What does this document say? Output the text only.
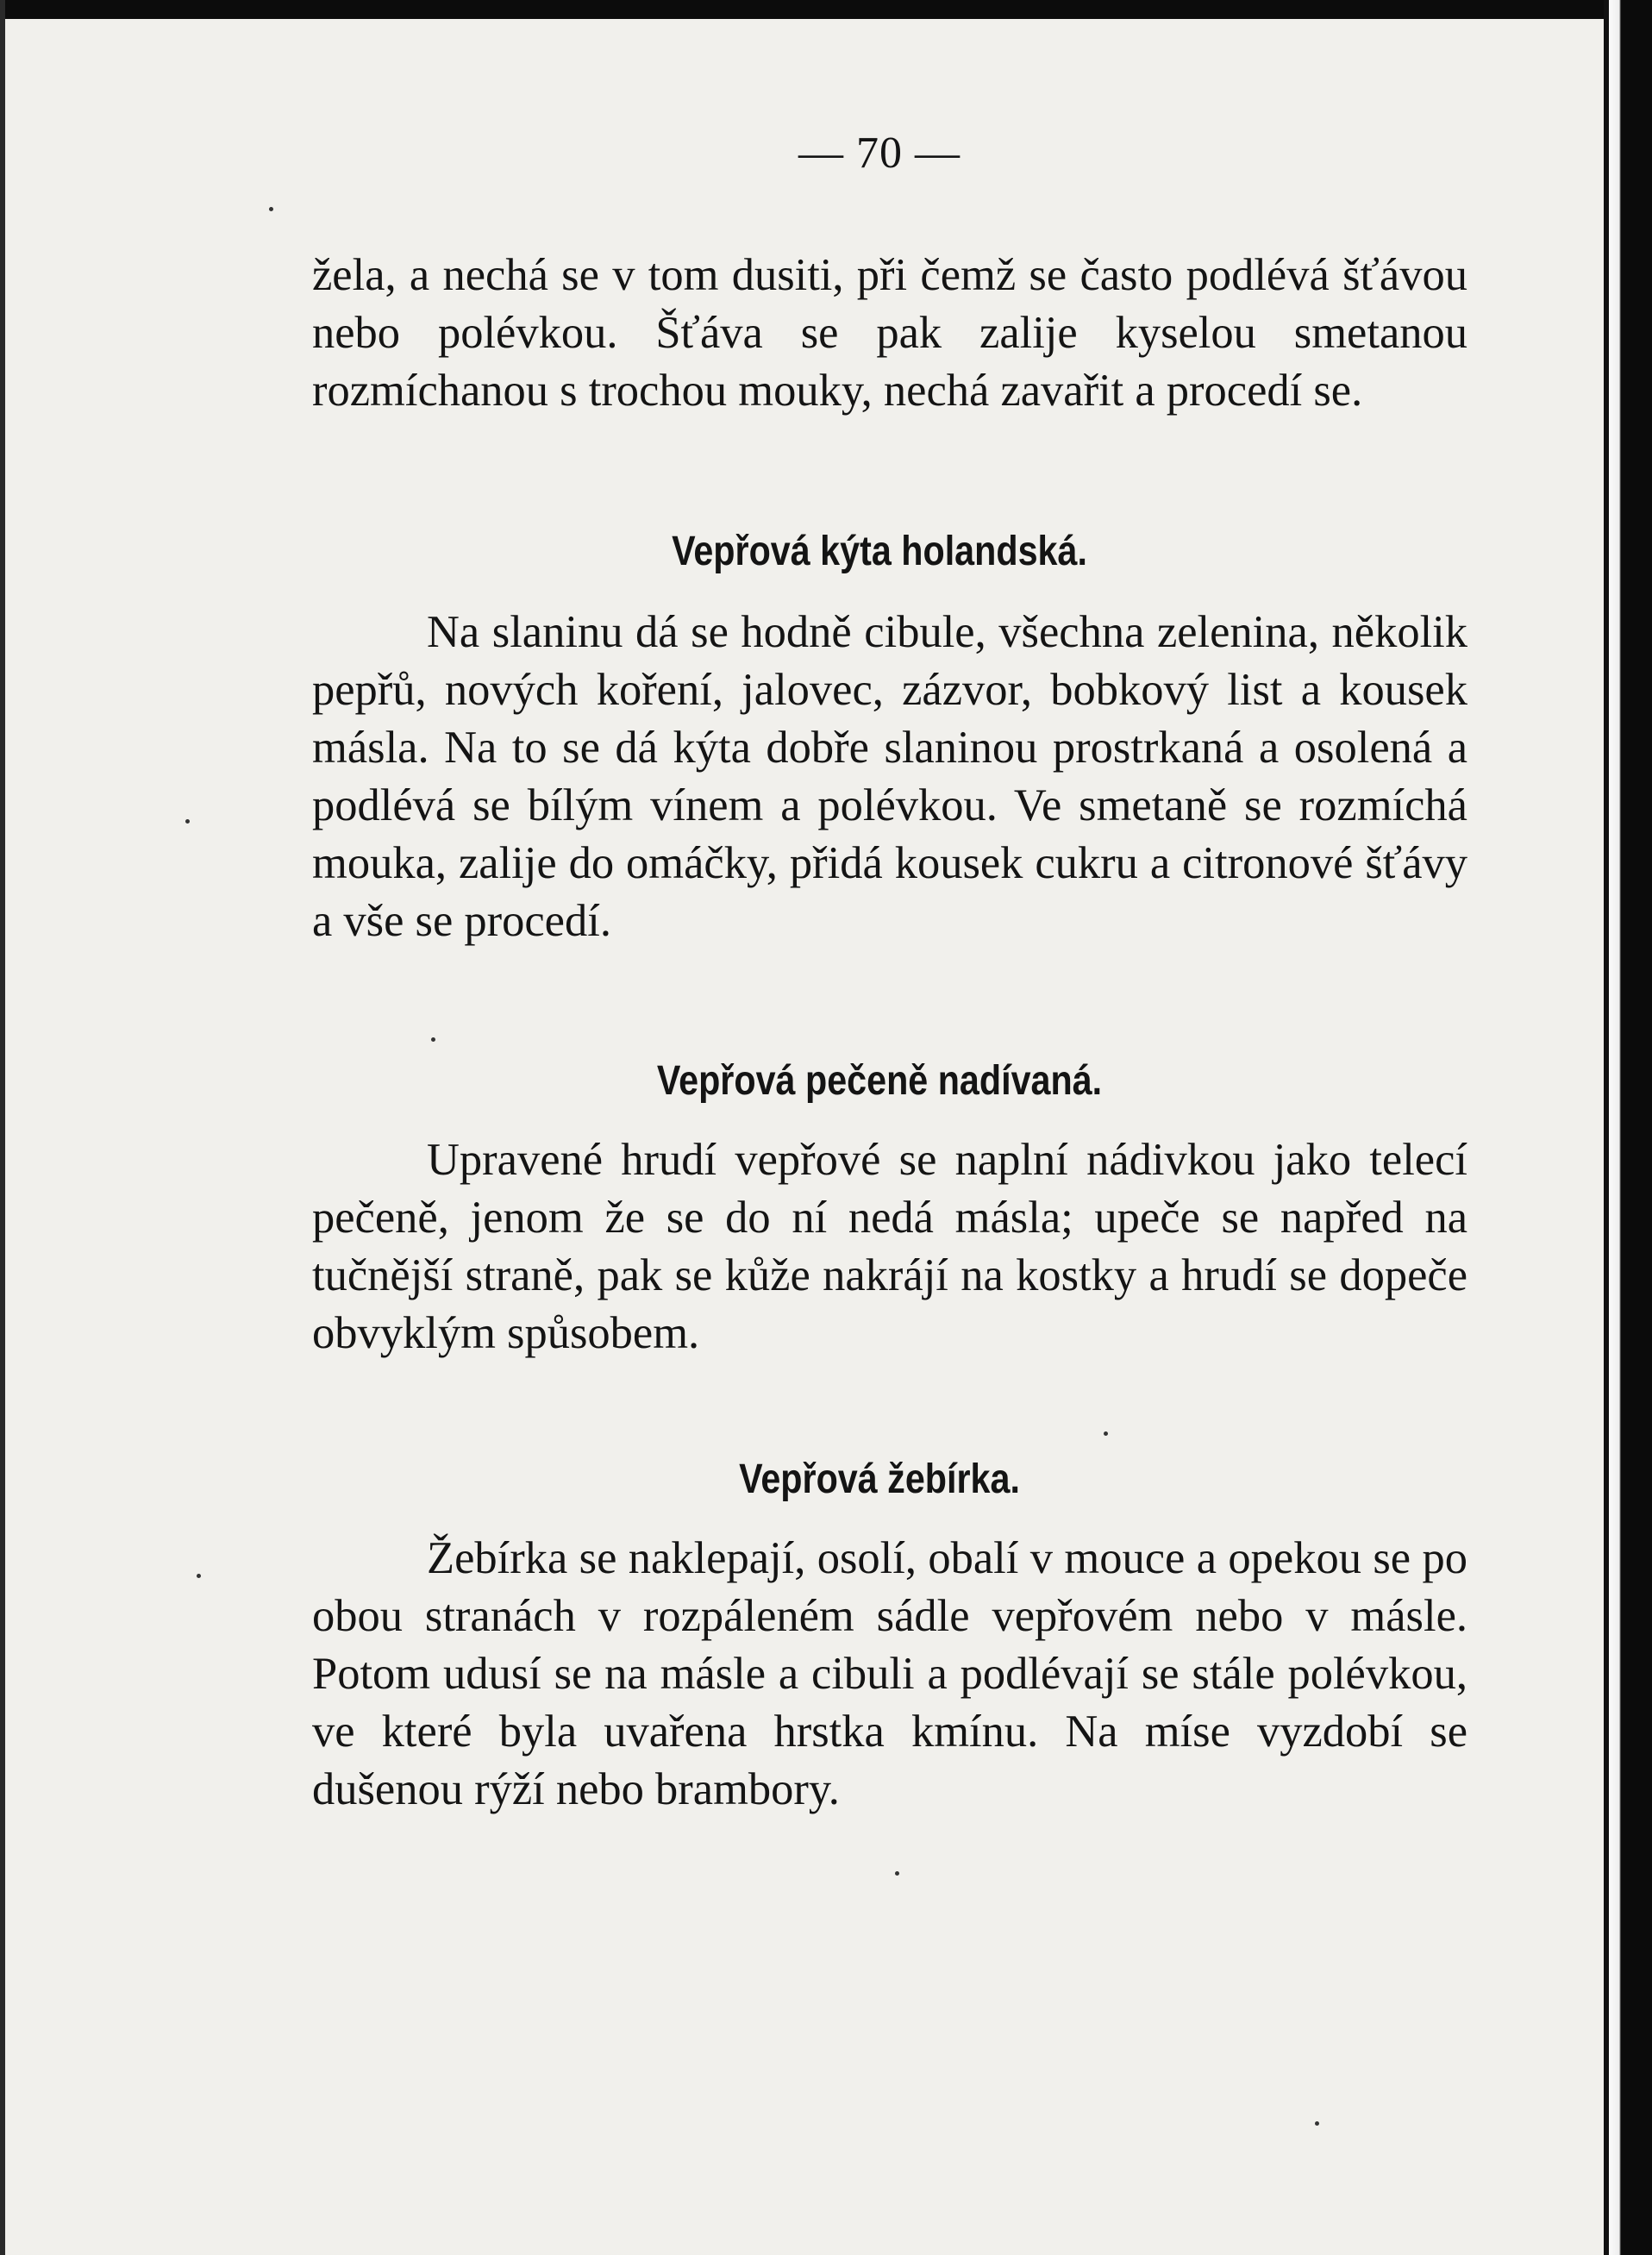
— 70 —

žela, a nechá se v tom dusiti, při čemž se často podlévá šťávou nebo polévkou. Šťáva se pak zalije kyselou smetanou rozmíchanou s trochou mouky, nechá zavařit a procedí se.

Vepřová kýta holandská.

Na slaninu dá se hodně cibule, všechna zelenina, několik pepřů, nových koření, jalovec, zázvor, bobkový list a kousek másla. Na to se dá kýta dobře slaninou prostrkaná a osolená a podlévá se bílým vínem a polévkou. Ve smetaně se rozmíchá mouka, zalije do omáčky, přidá kousek cukru a citronové šťávy a vše se procedí.

Vepřová pečeně nadívaná.

Upravené hrudí vepřové se naplní nádivkou jako telecí pečeně, jenom že se do ní nedá másla; upeče se napřed na tučnější straně, pak se kůže nakrájí na kostky a hrudí se dopeče obvyklým spůsobem.

Vepřová žebírka.

Žebírka se naklepají, osolí, obalí v mouce a opekou se po obou stranách v rozpáleném sádle vepřovém nebo v másle. Potom udusí se na másle a cibuli a podlévají se stále polévkou, ve které byla uvařena hrstka kmínu. Na míse vyzdobí se dušenou rýží nebo brambory.
